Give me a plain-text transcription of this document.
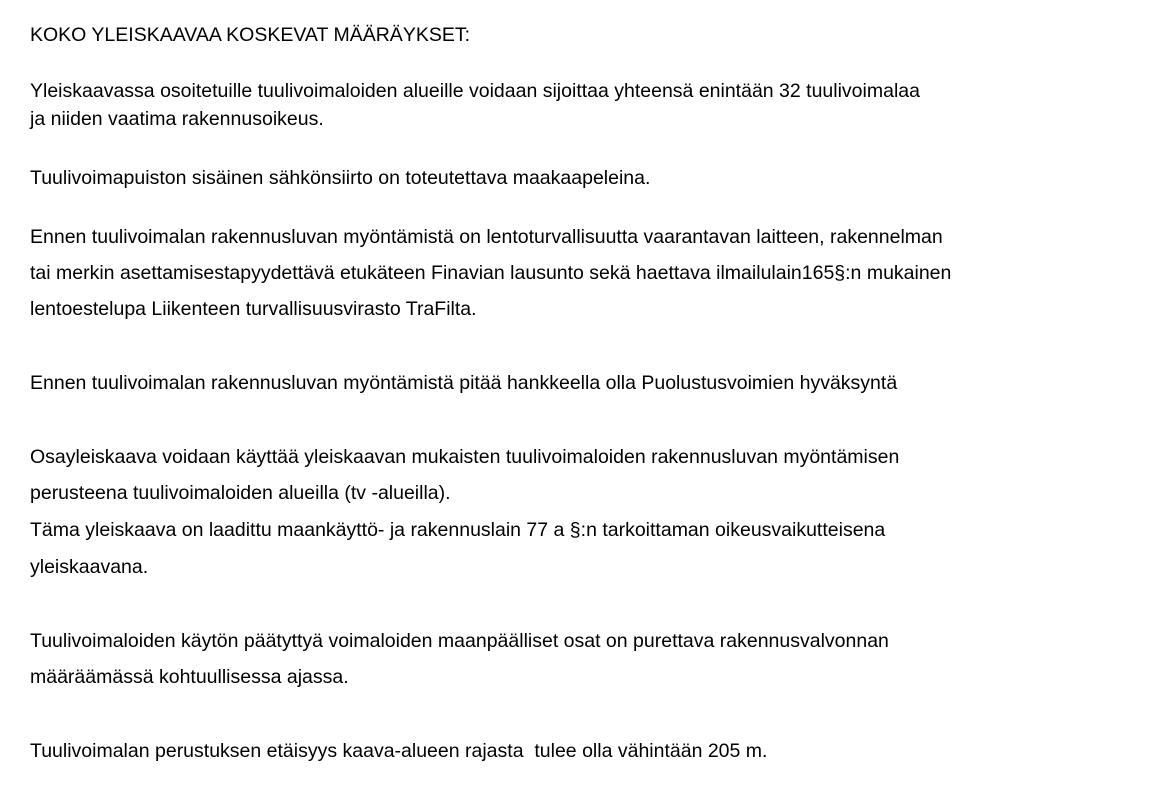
KOKO YLEISKAAVAA KOSKEVAT MÄÄRÄYKSET:
Yleiskaavassa osoitetuille tuulivoimaloiden alueille voidaan sijoittaa yhteensä enintään 32 tuulivoimalaa
ja niiden vaatima rakennusoikeus.
Tuulivoimapuiston sisäinen sähkönsiirto on toteutettava maakaapeleina.
Ennen tuulivoimalan rakennusluvan myöntämistä on lentoturvallisuutta vaarantavan laitteen, rakennelman
tai merkin asettamisestapyydettävä etukäteen Finavian lausunto sekä haettava ilmailulain165§:n mukainen
lentoestelupa Liikenteen turvallisuusvirasto TraFilta.
Ennen tuulivoimalan rakennusluvan myöntämistä pitää hankkeella olla Puolustusvoimien hyväksyntä
Osayleiskaava voidaan käyttää yleiskaavan mukaisten tuulivoimaloiden rakennusluvan myöntämisen
perusteena tuulivoimaloiden alueilla (tv -alueilla).
Täma yleiskaava on laadittu maankäyttö- ja rakennuslain 77 a §:n tarkoittaman oikeusvaikutteisena
yleiskaavana.
Tuulivoimaloiden käytön päätyttyä voimaloiden maanpäälliset osat on purettava rakennusvalvonnan
määräämässä kohtuullisessa ajassa.
Tuulivoimalan perustuksen etäisyys kaava-alueen rajasta  tulee olla vähintään 205 m.
